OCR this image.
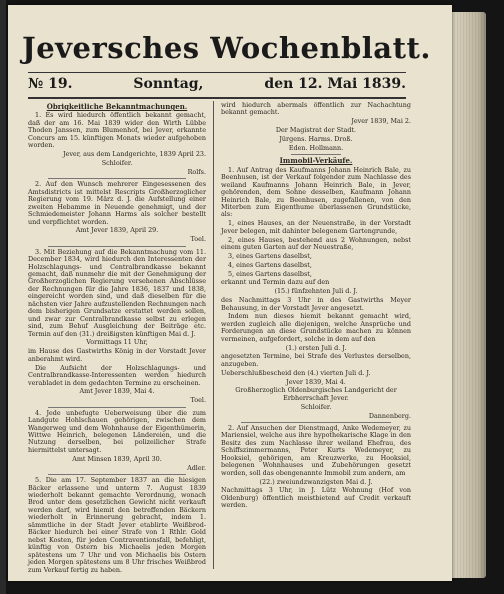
Jeversches Wochenblatt.
№ 19.	Sonntag,	den 12. Mai 1839.

Obrigkeitliche Bekanntmachungen.

1. Es wird hiedurch öffentlich bekannt gemacht, daß der am 16. Mai 1839 wider den Wirth Lübbe Thoden Janssen, zum Blumenhof, bei Jever, erkannte Concurs am 15. künftigen Monats wieder aufgehoben worden.

Jever, aus dem Landgerichte, 1839 April 23.

Schloifer.

Rolfs.

2. Auf den Wunsch mehrerer Eingesessenen des Amtsdistricts ist mittelst Rescripts Großherzoglicher Regierung vom 19. März d. J. die Aufstellung einer zweiten Hebamme in Neuende genehmigt, und der Schmiedemeister Johann Harms als solcher bestellt und verpflichtet worden.

Amt Jever 1839, April 29.

Toel.

3. Mit Beziehung auf die Bekanntmachung vom 11. December 1834, wird hiedurch den Interessenten der Holzschlagungs- und Centralbrandkasse bekannt gemacht, daß nunmehr die mit der Genehmigung der Großherzoglichen Regierung versehenen Abschlüsse der Rechnungen für die Jahre 1836, 1837 und 1838, eingereicht worden sind, und daß dieselben für die nächsten vier Jahre aufzustellenden Rechnungen nach dem bisherigen Grundsatze erstattet werden sollen, und zwar zur Centralbrandkasse selbst zu erlegen sind, zum Behuf Ausgleichung der Beiträge etc. Termin auf den (31.) dreißigsten künftigen Mai d. J.

Vormittags 11 Uhr,

im Hause des Gastwirths König in der Vorstadt Jever anberahmt wird.

Die Aufsicht der Holzschlagungs- und Centralbrandkasse-Interessenten werden hiedurch verabladet in dem gedachten Termine zu erscheinen.

Amt Jever 1839, Mai 4.

Toel.

4. Jede unbefugte Ueberweisung über die zum Landgute Hohlschauen gehörigen, zwischen dem Wangerweg und dem Wohnhause der Eigenthümerin, Wittwe Heinrich, belegenen Ländereien, und die Nutzung derselben, bei polizeilicher Strafe hiermittelst untersagt.

Amt Minsen 1839, April 30.

Adler.

5. Die am 17. September 1837 an die hiesigen Bäcker erlassene und unterm 7. August 1839 wiederholt bekannt gemachte Verordnung, wonach Brod unter dem gesetzlichen Gewicht nicht verkauft werden darf, wird hiemit den betreffenden Bäckern wiederholt in Erinnerung gebracht, indem 1. sämmtliche in der Stadt Jever etablirte Weißbrod-Bäcker hiedurch bei einer Strafe von 1 Rthlr. Gold nebst Kosten, für jeden Contraventionsfall, befehligt, künftig von Ostern bis Michaelis jeden Morgen spätestens um 7 Uhr und von Michaelis bis Ostern jeden Morgen spätestens um 8 Uhr frisches Weißbrod zum Verkauf fertig zu haben.

wird hiedurch abermals öffentlich zur Nachachtung bekannt gemacht.

Jever 1839, Mai 2.

Der Magistrat der Stadt.

Jürgens. Harms. Droß.

Eden. Hollmann.

Immobil-Verkäufe.

1. Auf Antrag des Kaufmanns Johann Heinrich Bale, zu Beenhusen, ist der Verkauf folgender zum Nachlasse des weiland Kaufmanns Johann Heinrich Bale, in Jever, gehörenden, dem Sohne desselben, Kaufmann Johann Heinrich Bale, zu Beenhusen, zugefallenen, von den Miterben zum Eigenthume überlassenen Grundstücke, als:

1, eines Hauses, an der Neuenstraße, in der Vorstadt Jever belegen, mit dahinter belegenem Gartengrunde,

2, eines Hauses, bestehend aus 2 Wohnungen, nebst einem guten Garten auf der Neuestraße,

3, eines Gartens daselbst,

4, eines Gartens daselbst,

5, eines Gartens daselbst,

erkannt und Termin dazu auf den

(15.) fünfzehnten Juli d. J.

des Nachmittags 3 Uhr in des Gastwirths Meyer Behausung, in der Vorstadt Jever angesetzt.

Indem nun dieses hiemit bekannt gemacht wird, werden zugleich alle diejenigen, welche Ansprüche und Forderungen an diese Grundstücke machen zu können vermeinen, aufgefordert, solche in dem auf den

(1.) ersten Juli d. J.

angesetzten Termine, bei Strafe des Verlustes derselben, anzugeben.

Ueberschlußbescheid den (4.) vierten Juli d. J.

Jever 1839, Mai 4.

Großherzoglich Oldenburgisches Landgericht der Erbherrschaft Jever.

Schloifer.

Dannenberg.

2. Auf Ansuchen der Dienstmagd, Anke Wedemeyer, zu Mariensiel, welche aus ihre hypothekarische Klage in den Besitz des zum Nachlasse ihrer weiland Ehefrau, des Schiffszimmermanns, Peter Kurts Wedemeyer, zu Hooksiel, gehörigen, am Kreuzwerke, zu Hooksiel, belegenen Wohnhauses und Zubehörungen gesetzt worden, soll das obengenannte Immobil zum andern, am

(22.) zweiundzwanzigsten Mai d. J.

Nachmittags 3 Uhr, in J. Lütz Wohnung (Hof von Oldenburg) öffentlich meistbietend auf Credit verkauft werden.
